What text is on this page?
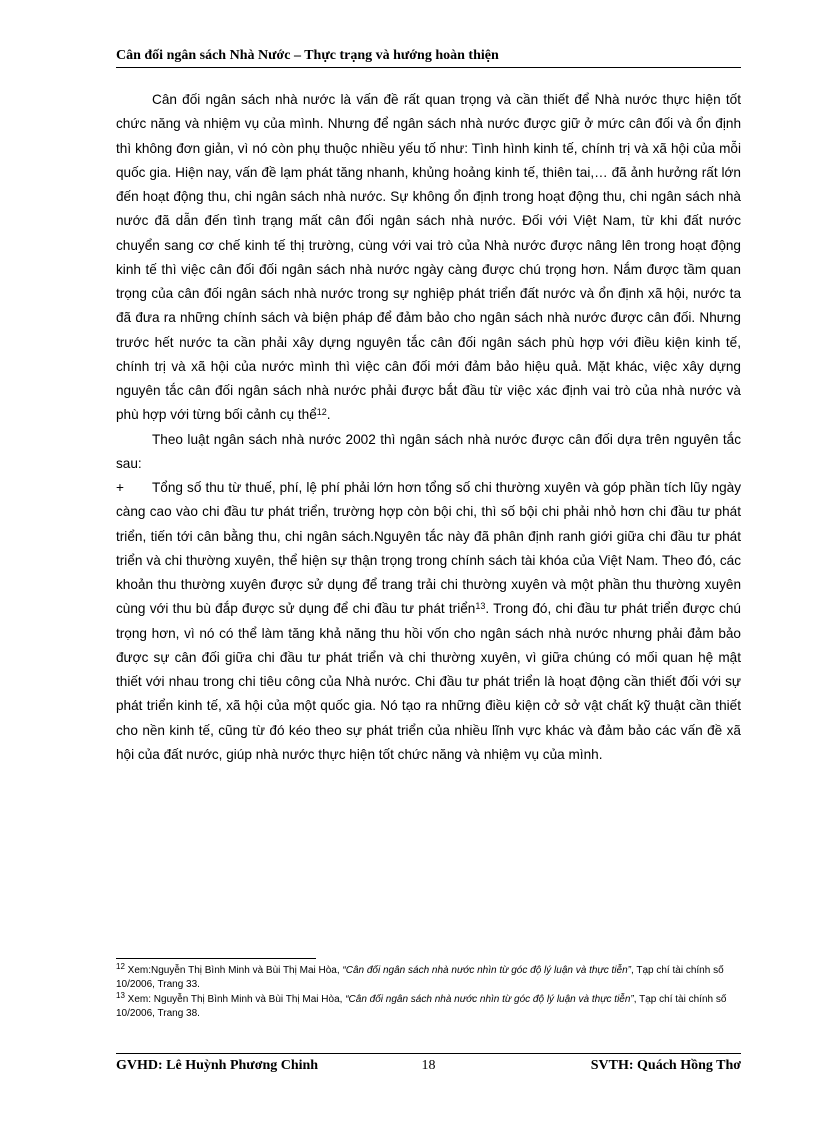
Cân đối ngân sách Nhà Nước – Thực trạng và hướng hoàn thiện

Cân đối ngân sách nhà nước là vấn đề rất quan trọng và cần thiết để Nhà nước thực hiện tốt chức năng và nhiệm vụ của mình. Nhưng để ngân sách nhà nước được giữ ở mức cân đối và ổn định thì không đơn giản, vì nó còn phụ thuộc nhiều yếu tố như: Tình hình kinh tế, chính trị và xã hội của mỗi quốc gia. Hiện nay, vấn đề lạm phát tăng nhanh, khủng hoảng kinh tế, thiên tai,… đã ảnh hưởng rất lớn đến hoạt động thu, chi ngân sách nhà nước. Sự không ổn định trong hoạt động thu, chi ngân sách nhà nước đã dẫn đến tình trạng mất cân đối ngân sách nhà nước. Đối với Việt Nam, từ khi đất nước chuyển sang cơ chế kinh tế thị trường, cùng với vai trò của Nhà nước được nâng lên trong hoạt động kinh tế thì việc cân đối đối ngân sách nhà nước ngày càng được chú trọng hơn. Nắm được tầm quan trọng của cân đối ngân sách nhà nước trong sự nghiệp phát triển đất nước và ổn định xã hội, nước ta đã đưa ra những chính sách và biện pháp để đảm bảo cho ngân sách nhà nước được cân đối. Nhưng trước hết nước ta cần phải xây dựng nguyên tắc cân đối ngân sách phù hợp với điều kiện kinh tế, chính trị và xã hội của nước mình thì việc cân đối mới đảm bảo hiệu quả. Mặt khác, việc xây dựng nguyên tắc cân đối ngân sách nhà nước phải được bắt đầu từ việc xác định vai trò của nhà nước và phù hợp với từng bối cảnh cụ thể$^{12}$.

Theo luật ngân sách nhà nước 2002 thì ngân sách nhà nước được cân đối dựa trên nguyên tắc sau:

+ Tổng số thu từ thuế, phí, lệ phí phải lớn hơn tổng số chi thường xuyên và góp phần tích lũy ngày càng cao vào chi đầu tư phát triển, trường hợp còn bội chi, thì số bội chi phải nhỏ hơn chi đầu tư phát triển, tiến tới cân bằng thu, chi ngân sách.Nguyên tắc này đã phân định ranh giới giữa chi đầu tư phát triển và chi thường xuyên, thể hiện sự thận trọng trong chính sách tài khóa của Việt Nam. Theo đó, các khoản thu thường xuyên được sử dụng để trang trải chi thường xuyên và một phần thu thường xuyên cùng với thu bù đắp được sử dụng để chi đầu tư phát triển$^{13}$. Trong đó, chi đầu tư phát triển được chú trọng hơn, vì nó có thể làm tăng khả năng thu hồi vốn cho ngân sách nhà nước nhưng phải đảm bảo được sự cân đối giữa chi đầu tư phát triển và chi thường xuyên, vì giữa chúng có mối quan hệ mật thiết với nhau trong chi tiêu công của Nhà nước. Chi đầu tư phát triển là hoạt động cần thiết đối với sự phát triển kinh tế, xã hội của một quốc gia. Nó tạo ra những điều kiện cở sở vật chất kỹ thuật cần thiết cho nền kinh tế, cũng từ đó kéo theo sự phát triển của nhiều lĩnh vực khác và đảm bảo các vấn đề xã hội của đất nước, giúp nhà nước thực hiện tốt chức năng và nhiệm vụ của mình.

$^{12}$ Xem:Nguyễn Thị Bình Minh và Bùi Thị Mai Hòa, “Cân đối ngân sách nhà nước nhìn từ góc độ lý luận và thực tiễn”, Tạp chí tài chính số 10/2006, Trang 33.

$^{13}$ Xem: Nguyễn Thị Bình Minh và Bùi Thị Mai Hòa, “Cân đối ngân sách nhà nước nhìn từ góc độ lý luận và thực tiễn”, Tạp chí tài chính số 10/2006, Trang 38.

18
GVHD: Lê Huỳnh Phương Chinh	SVTH: Quách Hồng Thơ
